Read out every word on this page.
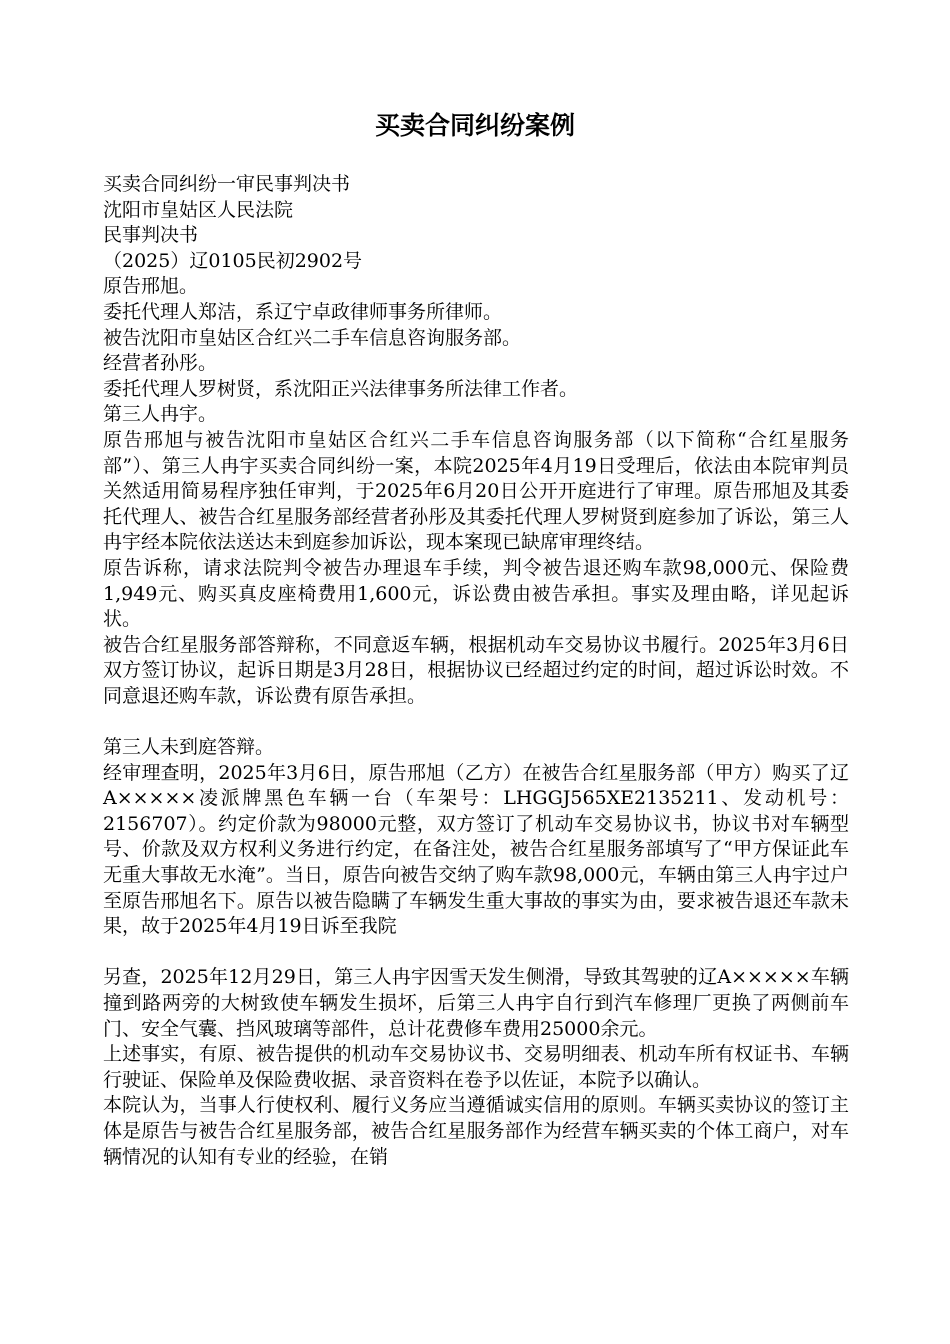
买卖合同纠纷案例

买卖合同纠纷一审民事判决书

沈阳市皇姑区人民法院

民事判决书

（2025）辽0105民初2902号

原告邢旭。

委托代理人郑洁，系辽宁卓政律师事务所律师。

被告沈阳市皇姑区合红兴二手车信息咨询服务部。

经营者孙彤。

委托代理人罗树贤，系沈阳正兴法律事务所法律工作者。

第三人冉宇。

原告邢旭与被告沈阳市皇姑区合红兴二手车信息咨询服务部（以下简称“合红星服务部”）、第三人冉宇买卖合同纠纷一案，本院2025年4月19日受理后，依法由本院审判员关然适用简易程序独任审判，于2025年6月20日公开开庭进行了审理。原告邢旭及其委托代理人、被告合红星服务部经营者孙彤及其委托代理人罗树贤到庭参加了诉讼，第三人冉宇经本院依法送达未到庭参加诉讼，现本案现已缺席审理终结。

原告诉称，请求法院判令被告办理退车手续，判令被告退还购车款98,000元、保险费1,949元、购买真皮座椅费用1,600元，诉讼费由被告承担。事实及理由略，详见起诉状。

被告合红星服务部答辩称，不同意返车辆，根据机动车交易协议书履行。2025年3月6日双方签订协议，起诉日期是3月28日，根据协议已经超过约定的时间，超过诉讼时效。不同意退还购车款，诉讼费有原告承担。

第三人未到庭答辩。

经审理查明，2025年3月6日，原告邢旭（乙方）在被告合红星服务部（甲方）购买了辽A×××××凌派牌黑色车辆一台（车架号：LHGGJ565XE2135211、发动机号：2156707）。约定价款为98000元整，双方签订了机动车交易协议书，协议书对车辆型号、价款及双方权利义务进行约定，在备注处，被告合红星服务部填写了“甲方保证此车无重大事故无水淹”。当日，原告向被告交纳了购车款98,000元，车辆由第三人冉宇过户至原告邢旭名下。原告以被告隐瞒了车辆发生重大事故的事实为由，要求被告退还车款未果，故于2025年4月19日诉至我院

另查，2025年12月29日，第三人冉宇因雪天发生侧滑，导致其驾驶的辽A×××××车辆撞到路两旁的大树致使车辆发生损坏，后第三人冉宇自行到汽车修理厂更换了两侧前车门、安全气囊、挡风玻璃等部件，总计花费修车费用25000余元。

上述事实，有原、被告提供的机动车交易协议书、交易明细表、机动车所有权证书、车辆行驶证、保险单及保险费收据、录音资料在卷予以佐证，本院予以确认。

本院认为，当事人行使权利、履行义务应当遵循诚实信用的原则。车辆买卖协议的签订主体是原告与被告合红星服务部，被告合红星服务部作为经营车辆买卖的个体工商户，对车辆情况的认知有专业的经验，在销
